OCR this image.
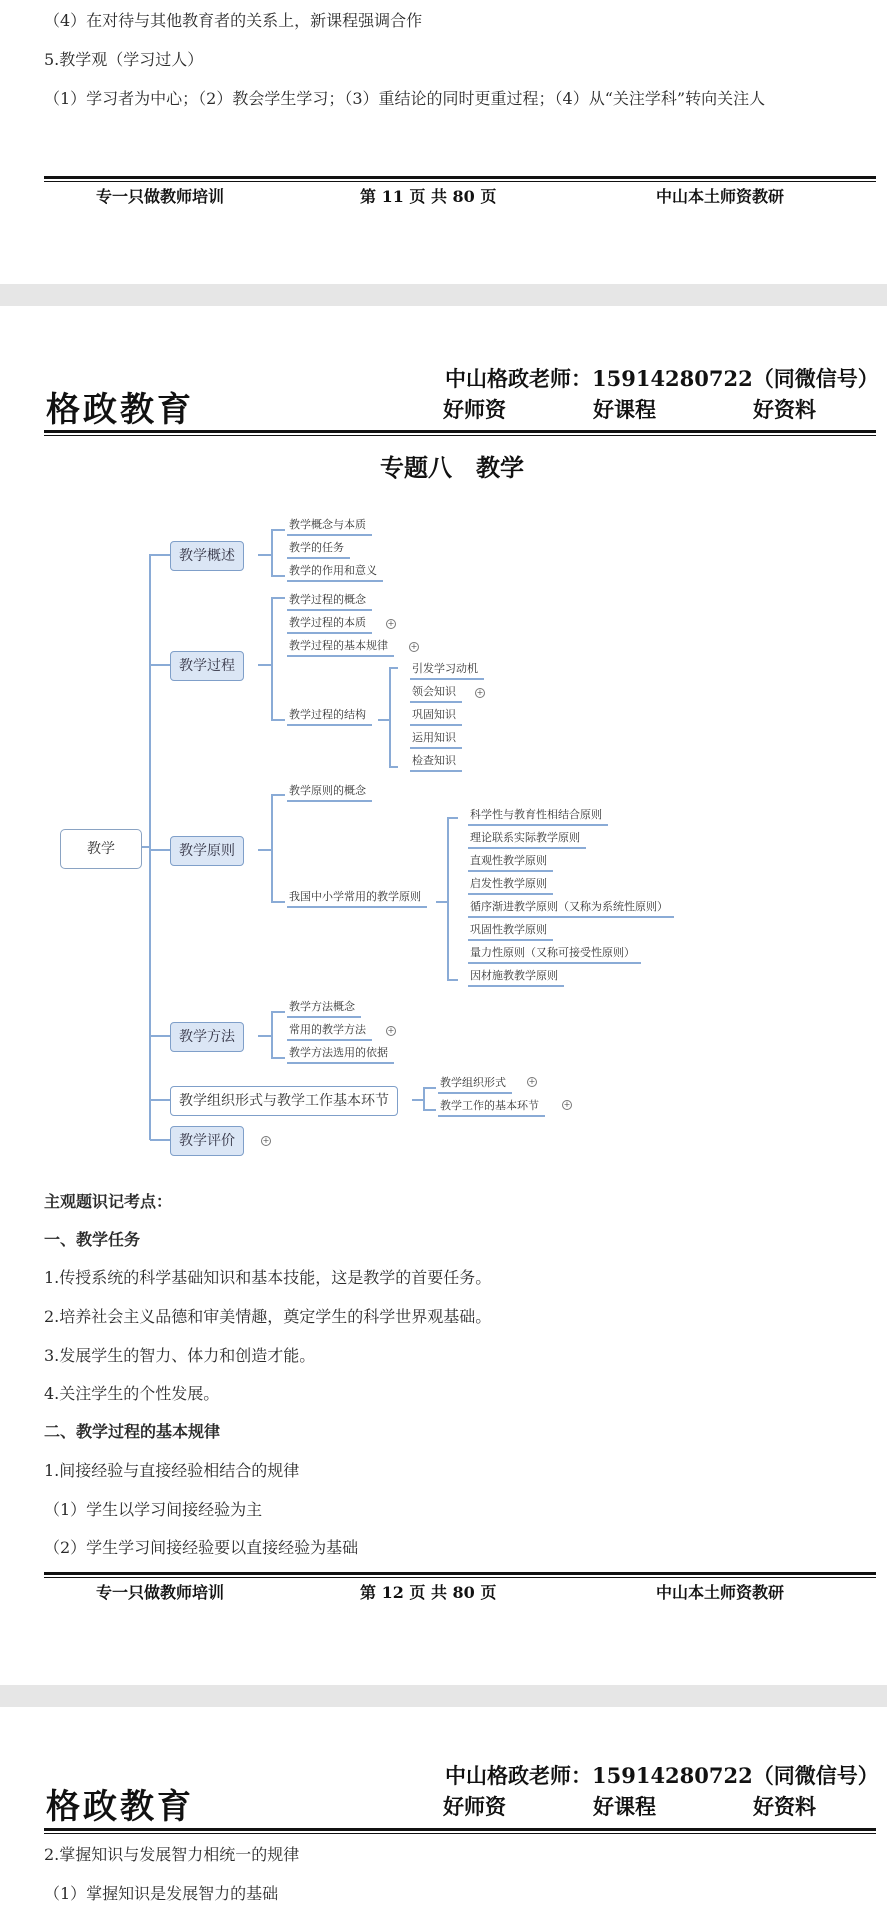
（4）在对待与其他教育者的关系上，新课程强调合作
5.教学观（学习过人）
（1）学习者为中心；（2）教会学生学习；（3）重结论的同时更重过程；（4）从“关注学科”转向关注人
专一只做教师培训	第 11 页 共 80 页	中山本土师资教研
中山格政老师：15914280722（同微信号）
格政教育	好师资	好课程	好资料
专题八　教学
教学
教学概述
教学概念与本质
教学的任务
教学的作用和意义
教学过程
教学过程的概念
教学过程的本质	+
教学过程的基本规律	+
教学过程的结构
引发学习动机
领会知识	+
巩固知识
运用知识
检查知识
教学原则
教学原则的概念
我国中小学常用的教学原则
科学性与教育性相结合原则
理论联系实际教学原则
直观性教学原则
启发性教学原则
循序渐进教学原则（又称为系统性原则）
巩固性教学原则
量力性原则（又称可接受性原则）
因材施教教学原则
教学方法
教学方法概念
常用的教学方法	+
教学方法选用的依据
教学组织形式与教学工作基本环节
教学组织形式	+
教学工作的基本环节	+
教学评价	+
主观题识记考点：
一、教学任务
1.传授系统的科学基础知识和基本技能，这是教学的首要任务。
2.培养社会主义品德和审美情趣，奠定学生的科学世界观基础。
3.发展学生的智力、体力和创造才能。
4.关注学生的个性发展。
二、教学过程的基本规律
1.间接经验与直接经验相结合的规律
（1）学生以学习间接经验为主
（2）学生学习间接经验要以直接经验为基础
专一只做教师培训	第 12 页 共 80 页	中山本土师资教研
中山格政老师：15914280722（同微信号）
格政教育	好师资	好课程	好资料
2.掌握知识与发展智力相统一的规律
（1）掌握知识是发展智力的基础
